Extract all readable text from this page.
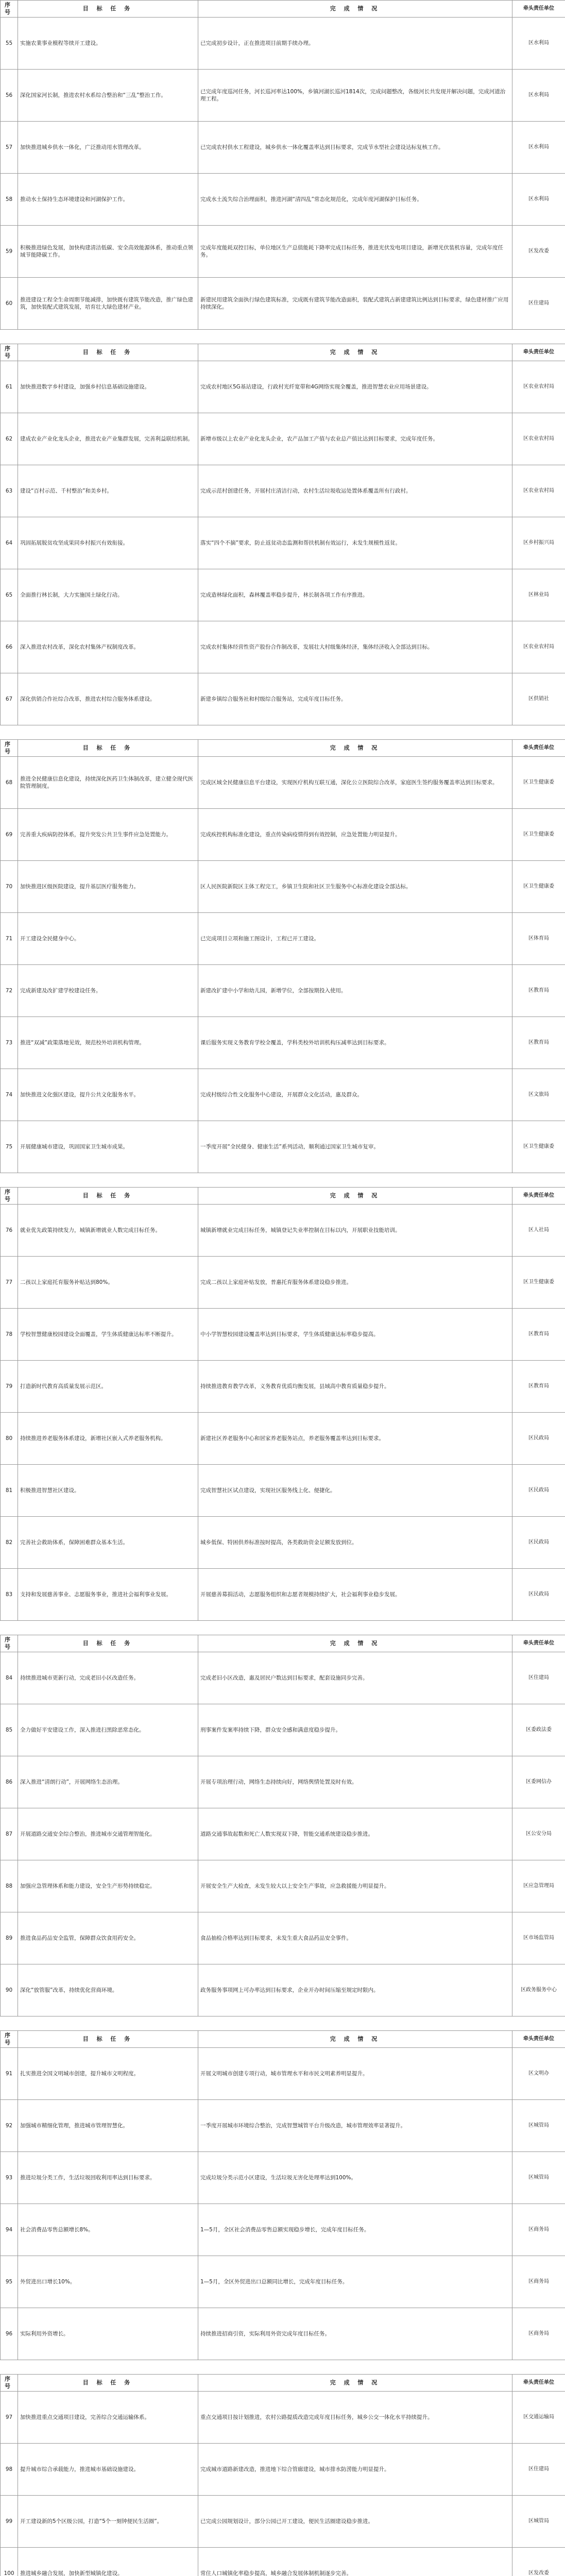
序号	目 标 任 务	完 成 情 况	牵头责任单位
55	实施农業事业模程等续开工建设。	已完成初步设计，正在推进项目前期手续办理。	区水利局
56	深化国家河长制，推进农村水系综合整治和“三乱”整治工作。	已完成年度巡河任务，河长巡河率达100%，乡镇河湖长巡河1814次，完成问题整改，各级河长共发现并解决问题，完成河道治理工程。	区水利局
57	加快推进城乡供水一体化，广泛推动用水管理改革。	已完成农村供水工程建设，城乡供水一体化覆盖率达到目标要求，完成节水型社会建设达标复核工作。	区水利局
58	推动水土保持生态环境建设和河湖保护工作。	完成水土流失综合治理面积，推进河湖“清四乱”常态化规范化，完成年度河湖保护目标任务。	区水利局
59	积极推进绿色发展，加快构建清洁低碳、安全高效能源体系，推动重点领域节能降碳工作。	完成年度能耗双控目标，单位地区生产总值能耗下降率完成目标任务，推进光伏发电项目建设，新增光伏装机容量，完成年度任务。	区发改委
60	推进建设工程全生命周期节能减排，加快既有建筑节能改造，推广绿色建筑，加快装配式建筑发展，培育壮大绿色建材产业。	新建民用建筑全面执行绿色建筑标准，完成既有建筑节能改造面积，装配式建筑占新建建筑比例达到目标要求，绿色建材推广应用持续深化。	区住建局

序号	目 标 任 务	完 成 情 况	牵头责任单位
61	加快推进数字乡村建设，加强乡村信息基础设施建设。	完成农村地区5G基站建设，行政村光纤宽带和4G网络实现全覆盖，推进智慧农业应用场景建设。	区农业农村局
62	建成农业产业化龙头企业，推进农业产业集群发展，完善利益联结机制。	新增市级以上农业产业化龙头企业，农产品加工产值与农业总产值比达到目标要求，完成年度任务。	区农业农村局
63	建设“百村示范、千村整治”和美乡村。	完成示范村创建任务，开展村庄清洁行动，农村生活垃圾收运处置体系覆盖所有行政村。	区农业农村局
64	巩固拓展脱贫攻坚成果同乡村振兴有效衔接。	落实“四个不摘”要求，防止返贫动态监测和帮扶机制有效运行，未发生规模性返贫。	区乡村振兴局
65	全面推行林长制，大力实施国土绿化行动。	完成造林绿化面积，森林覆盖率稳步提升，林长制各项工作有序推进。	区林业局
66	深入推进农村改革，深化农村集体产权制度改革。	完成农村集体经营性资产股份合作制改革，发展壮大村级集体经济，集体经济收入全部达到目标。	区农业农村局
67	深化供销合作社综合改革，推进农村综合服务体系建设。	新建乡镇综合服务社和村级综合服务站，完成年度目标任务。	区供销社

序号	目 标 任 务	完 成 情 况	牵头责任单位
68	推进全民健康信息化建设，持续深化医药卫生体制改革，建立健全现代医院管理制度。	完成区域全民健康信息平台建设，实现医疗机构互联互通，深化公立医院综合改革，家庭医生签约服务覆盖率达到目标要求。	区卫生健康委
69	完善重大疾病防控体系，提升突发公共卫生事件应急处置能力。	完成疾控机构标准化建设，重点传染病疫情得到有效控制，应急处置能力明显提升。	区卫生健康委
70	加快推进区级医院建设，提升基层医疗服务能力。	区人民医院新院区主体工程完工，乡镇卫生院和社区卫生服务中心标准化建设全部达标。	区卫生健康委
71	开工建设全民健身中心。	已完成项目立项和施工图设计，工程已开工建设。	区体育局
72	完成新建及改扩建学校建设任务。	新建改扩建中小学和幼儿园，新增学位，全部按期投入使用。	区教育局
73	推进“双减”政策落地见效，规范校外培训机构管理。	课后服务实现义务教育学校全覆盖，学科类校外培训机构压减率达到目标要求。	区教育局
74	加快推进文化强区建设，提升公共文化服务水平。	完成村级综合性文化服务中心建设，开展群众文化活动，惠及群众。	区文旅局
75	开展健康城市建设，巩固国家卫生城市成果。	一季度开展“全民健身、健康生活”系列活动，顺利通过国家卫生城市复审。	区卫生健康委

序号	目 标 任 务	完 成 情 况	牵头责任单位
76	就业优先政策持续发力，城镇新增就业人数完成目标任务。	城镇新增就业完成目标任务，城镇登记失业率控制在目标以内，开展职业技能培训。	区人社局
77	二孩以上家庭托育服务补贴达到80%。	完成二孩以上家庭补贴发放，普惠托育服务体系建设稳步推进。	区卫生健康委
78	学校智慧健康校园建设全面覆盖，学生体质健康达标率不断提升。	中小学智慧校园建设覆盖率达到目标要求，学生体质健康达标率稳步提高。	区教育局
79	打造新时代教育高质量发展示范区。	持续推进教育教学改革，义务教育优质均衡发展，县域高中教育质量稳步提升。	区教育局
80	持续推进养老服务体系建设，新增社区嵌入式养老服务机构。	新建社区养老服务中心和居家养老服务站点，养老服务覆盖率达到目标要求。	区民政局
81	积极推进智慧社区建设。	完成智慧社区试点建设，实现社区服务线上化、便捷化。	区民政局
82	完善社会救助体系，保障困难群众基本生活。	城乡低保、特困供养标准按时提高，各类救助资金足额发放到位。	区民政局
83	支持和发展慈善事业、志愿服务事业，推进社会福利事业发展。	开展慈善募捐活动，志愿服务组织和志愿者规模持续扩大，社会福利事业稳步发展。	区民政局

序号	目 标 任 务	完 成 情 况	牵头责任单位
84	持续推进城市更新行动，完成老旧小区改造任务。	完成老旧小区改造，惠及居民户数达到目标要求，配套设施同步完善。	区住建局
85	全力做好平安建设工作，深入推进扫黑除恶常态化。	刑事案件发案率持续下降，群众安全感和满意度稳步提升。	区委政法委
86	深入推进“清朗行动”，开展网络生态治理。	开展专项治理行动，网络生态持续向好，网络舆情处置及时有效。	区委网信办
87	开展道路交通安全综合整治，推进城市交通管理智能化。	道路交通事故起数和死亡人数实现双下降，智能交通系统建设稳步推进。	区公安分局
88	加强应急管理体系和能力建设，安全生产形势持续稳定。	开展安全生产大检查，未发生较大以上安全生产事故，应急救援能力明显提升。	区应急管理局
89	推进食品药品安全监管，保障群众饮食用药安全。	食品抽检合格率达到目标要求，未发生重大食品药品安全事件。	区市场监管局
90	深化“放管服”改革，持续优化营商环境。	政务服务事项网上可办率达到目标要求，企业开办时间压缩至规定时限内。	区政务服务中心

序号	目 标 任 务	完 成 情 况	牵头责任单位
91	扎实推进全国文明城市创建，提升城市文明程度。	开展文明城市创建专项行动，城市管理水平和市民文明素养明显提升。	区文明办
92	加强城市精细化管理，推进城市管理智慧化。	一季度开展城市环境综合整治，完成智慧城管平台升级改造，城市管理效率显著提升。	区城管局
93	推进垃圾分类工作，生活垃圾回收利用率达到目标要求。	完成垃圾分类示范小区建设，生活垃圾无害化处理率达到100%。	区城管局
94	社会消费品零售总额增长8%。	1—5月，全区社会消费品零售总额实现稳步增长，完成年度目标任务。	区商务局
95	外贸进出口增长10%。	1—5月，全区外贸进出口总额同比增长，完成年度目标任务。	区商务局
96	实际利用外资增长。	持续推进招商引资，实际利用外资完成年度目标任务。	区商务局

序号	目 标 任 务	完 成 情 况	牵头责任单位
97	加快推进重点交通项目建设，完善综合交通运输体系。	重点交通项目按计划推进，农村公路提质改造完成年度目标任务，城乡公交一体化水平持续提升。	区交通运输局
98	提升城市综合承载能力，推进城市基础设施建设。	完成城市道路新建改造，推进地下综合管廊建设，城市排水防涝能力明显提升。	区住建局
99	开工建设新的5个区级公园，打造“5个一刻钟便民生活圈”。	已完成公园规划设计，部分公园已开工建设，便民生活圈建设稳步推进。	区城管局
100	推进城乡融合发展，加快新型城镇化建设。	常住人口城镇化率稳步提高，城乡融合发展体制机制逐步完善。	区发改委
